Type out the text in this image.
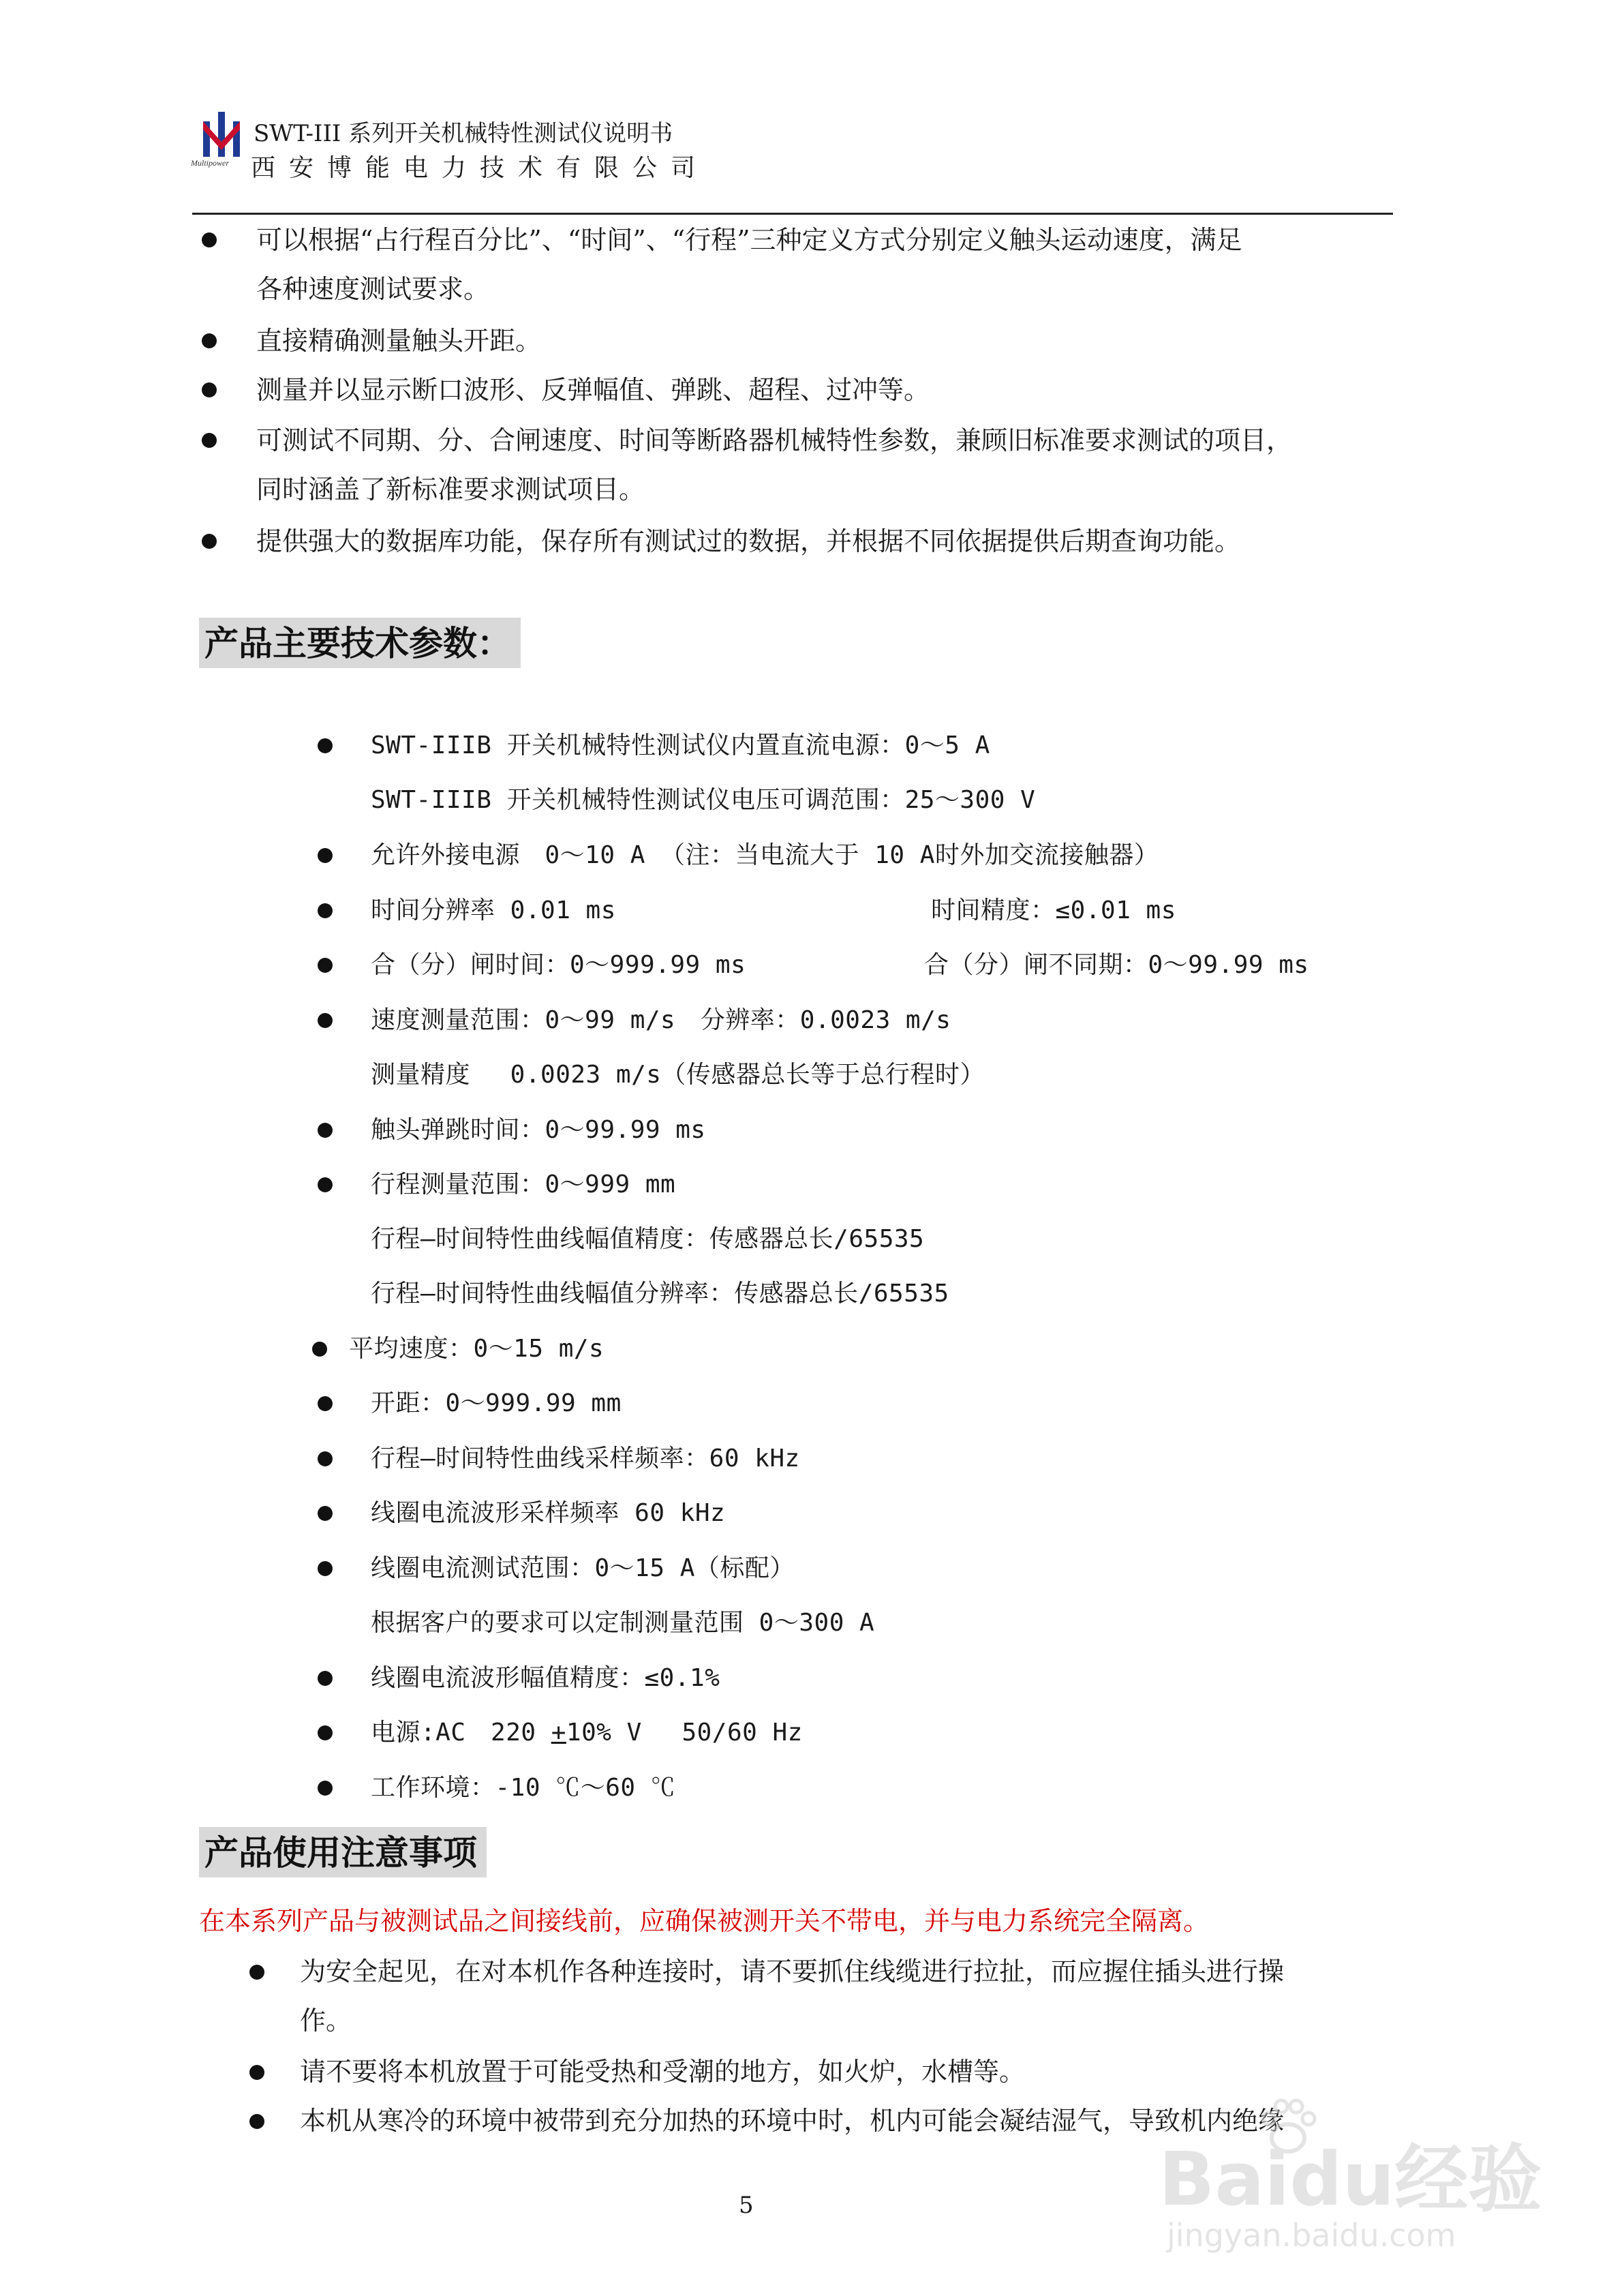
Multipower
SWT-III 系列开关机械特性测试仪说明书
西安博能电力技术有限公司
可以根据“占行程百分比”、“时间”、“行程”三种定义方式分别定义触头运动速度，满足
各种速度测试要求。
直接精确测量触头开距。
测量并以显示断口波形、反弹幅值、弹跳、超程、过冲等。
可测试不同期、分、合闸速度、时间等断路器机械特性参数，兼顾旧标准要求测试的项目，
同时涵盖了新标准要求测试项目。
提供强大的数据库功能，保存所有测试过的数据，并根据不同依据提供后期查询功能。
产品主要技术参数：
SWT-IIIB 开关机械特性测试仪内置直流电源：0～5 A
SWT-IIIB 开关机械特性测试仪电压可调范围：25～300 V
允许外接电源　0～10 A （注：当电流大于 10 A时外加交流接触器）
时间分辨率 0.01 ms	时间精度：≤0.01 ms
合（分）闸时间：0～999.99 ms	合（分）闸不同期：0～99.99 ms
速度测量范围：0～99 m/s　分辨率：0.0023 m/s
测量精度　 0.0023 m/s（传感器总长等于总行程时）
触头弹跳时间：0～99.99 ms
行程测量范围：0～999 mm
行程—时间特性曲线幅值精度：传感器总长/65535
行程—时间特性曲线幅值分辨率：传感器总长/65535
平均速度：0～15 m/s
开距：0～999.99 mm
行程—时间特性曲线采样频率：60 kHz
线圈电流波形采样频率 60 kHz
线圈电流测试范围：0～15 A（标配）
根据客户的要求可以定制测量范围 0～300 A
线圈电流波形幅值精度：≤0.1%
电源:AC　220 +10% V　 50/60 Hz
工作环境：-10 ℃～60 ℃
产品使用注意事项
在本系列产品与被测试品之间接线前，应确保被测开关不带电，并与电力系统完全隔离。
为安全起见，在对本机作各种连接时，请不要抓住线缆进行拉扯，而应握住插头进行操
作。
请不要将本机放置于可能受热和受潮的地方，如火炉，水槽等。
本机从寒冷的环境中被带到充分加热的环境中时，机内可能会凝结湿气，导致机内绝缘
5	Baidu经验
jingyan.baidu.com
